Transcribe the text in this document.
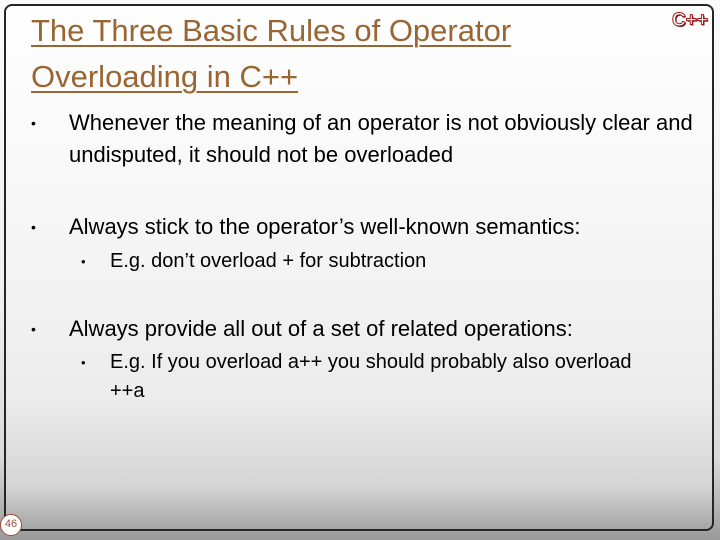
The Three Basic Rules of Operator
Overloading in C++
C++
• Whenever the meaning of an operator is not obviously clear and undisputed, it should not be overloaded
• Always stick to the operator’s well-known semantics:
• E.g. don’t overload + for subtraction
• Always provide all out of a set of related operations:
• E.g. If you overload a++ you should probably also overload ++a
46
